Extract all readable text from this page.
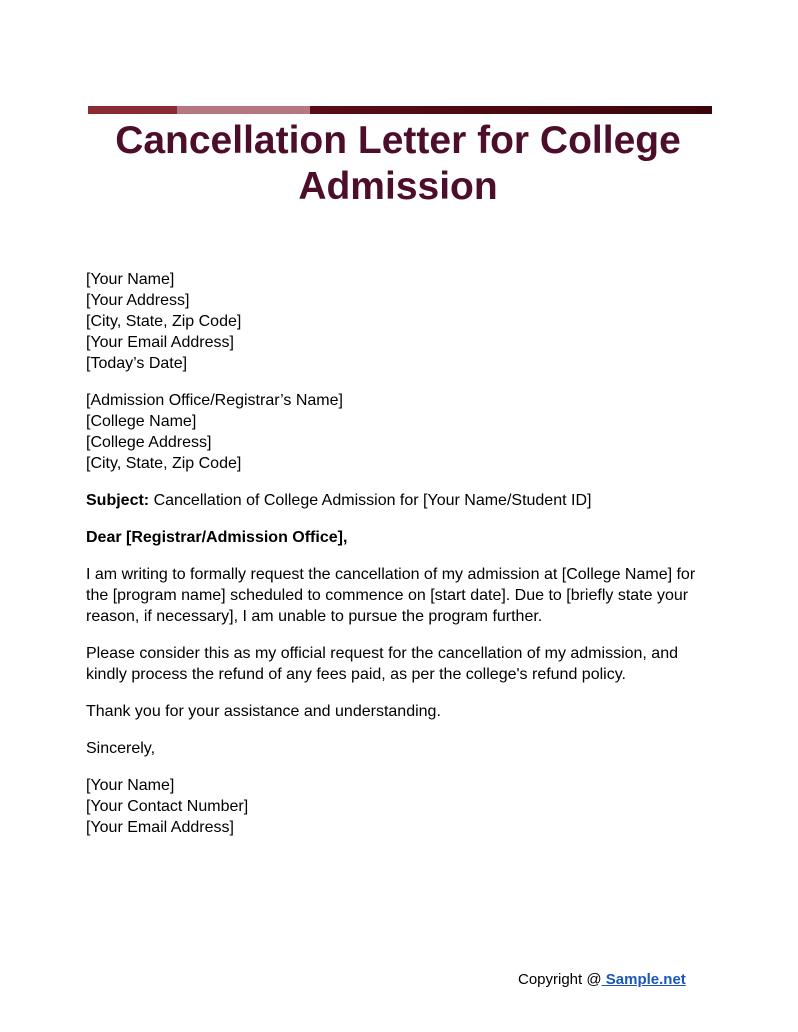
Cancellation Letter for College Admission
[Your Name]
[Your Address]
[City, State, Zip Code]
[Your Email Address]
[Today’s Date]
[Admission Office/Registrar’s Name]
[College Name]
[College Address]
[City, State, Zip Code]

Subject: Cancellation of College Admission for [Your Name/Student ID]

Dear [Registrar/Admission Office],

I am writing to formally request the cancellation of my admission at [College Name] for the [program name] scheduled to commence on [start date]. Due to [briefly state your reason, if necessary], I am unable to pursue the program further.

Please consider this as my official request for the cancellation of my admission, and kindly process the refund of any fees paid, as per the college's refund policy.

Thank you for your assistance and understanding.

Sincerely,

[Your Name]
[Your Contact Number]
[Your Email Address]
Copyright @ Sample.net
